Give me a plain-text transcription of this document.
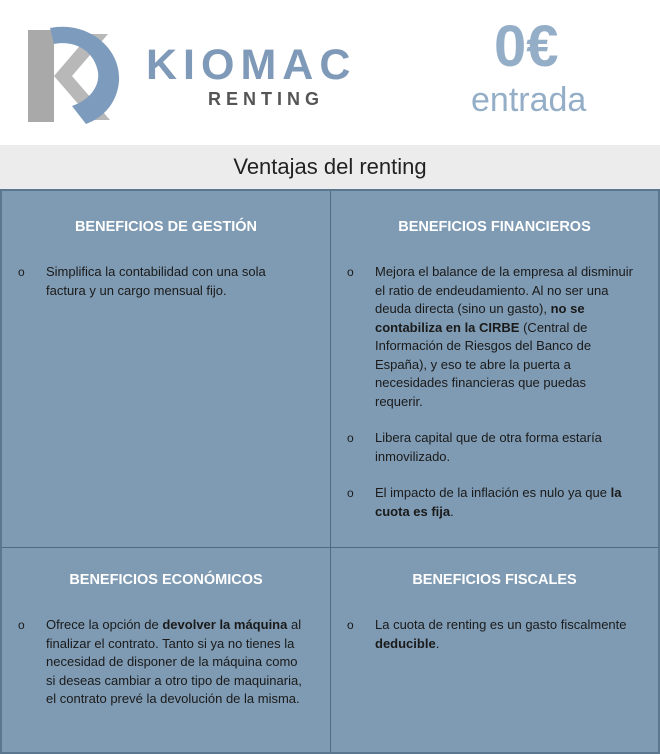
KIOMAC
RENTING
0€
entrada
Ventajas del renting
BENEFICIOS DE GESTIÓN
o Simplifica la contabilidad con una sola factura y un cargo mensual fijo.
BENEFICIOS FINANCIEROS
o Mejora el balance de la empresa al disminuir el ratio de endeudamiento. Al no ser una deuda directa (sino un gasto), no se contabiliza en la CIRBE (Central de Información de Riesgos del Banco de España), y eso te abre la puerta a necesidades financieras que puedas requerir.
o Libera capital que de otra forma estaría inmovilizado.
o El impacto de la inflación es nulo ya que la cuota es fija.
BENEFICIOS ECONÓMICOS
o Ofrece la opción de devolver la máquina al finalizar el contrato. Tanto si ya no tienes la necesidad de disponer de la máquina como si deseas cambiar a otro tipo de maquinaria, el contrato prevé la devolución de la misma.
BENEFICIOS FISCALES
o La cuota de renting es un gasto fiscalmente deducible.
